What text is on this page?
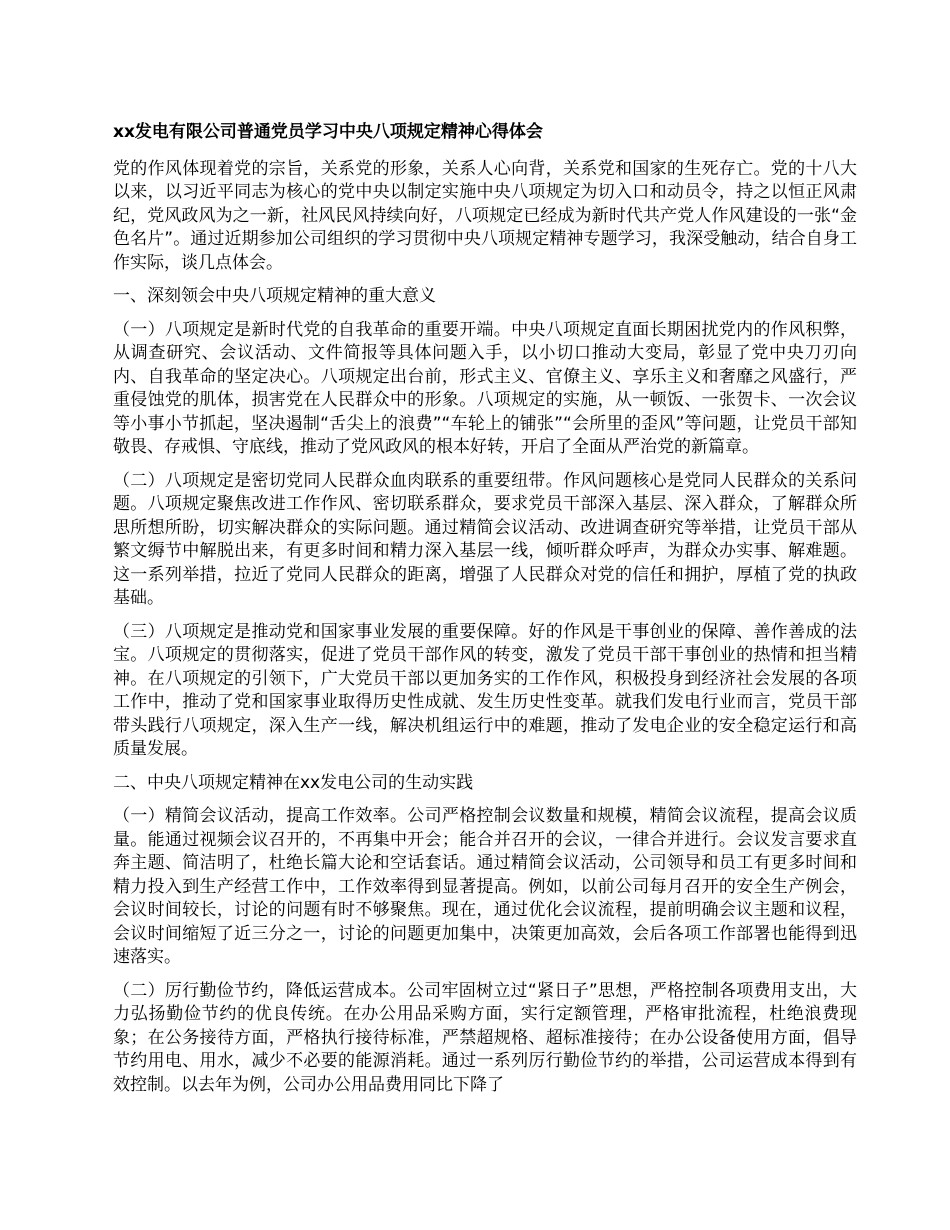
xx发电有限公司普通党员学习中央八项规定精神心得体会

党的作风体现着党的宗旨，关系党的形象，关系人心向背，关系党和国家的生死存亡。党的十八大以来，以习近平同志为核心的党中央以制定实施中央八项规定为切入口和动员令，持之以恒正风肃纪，党风政风为之一新，社风民风持续向好，八项规定已经成为新时代共产党人作风建设的一张“金色名片”。通过近期参加公司组织的学习贯彻中央八项规定精神专题学习，我深受触动，结合自身工作实际，谈几点体会。

一、深刻领会中央八项规定精神的重大意义

（一）八项规定是新时代党的自我革命的重要开端。中央八项规定直面长期困扰党内的作风积弊，从调查研究、会议活动、文件简报等具体问题入手，以小切口推动大变局，彰显了党中央刀刃向内、自我革命的坚定决心。八项规定出台前，形式主义、官僚主义、享乐主义和奢靡之风盛行，严重侵蚀党的肌体，损害党在人民群众中的形象。八项规定的实施，从一顿饭、一张贺卡、一次会议等小事小节抓起，坚决遏制“舌尖上的浪费”“车轮上的铺张”“会所里的歪风”等问题，让党员干部知敬畏、存戒惧、守底线，推动了党风政风的根本好转，开启了全面从严治党的新篇章。

（二）八项规定是密切党同人民群众血肉联系的重要纽带。作风问题核心是党同人民群众的关系问题。八项规定聚焦改进工作作风、密切联系群众，要求党员干部深入基层、深入群众，了解群众所思所想所盼，切实解决群众的实际问题。通过精简会议活动、改进调查研究等举措，让党员干部从繁文缛节中解脱出来，有更多时间和精力深入基层一线，倾听群众呼声，为群众办实事、解难题。这一系列举措，拉近了党同人民群众的距离，增强了人民群众对党的信任和拥护，厚植了党的执政基础。

（三）八项规定是推动党和国家事业发展的重要保障。好的作风是干事创业的保障、善作善成的法宝。八项规定的贯彻落实，促进了党员干部作风的转变，激发了党员干部干事创业的热情和担当精神。在八项规定的引领下，广大党员干部以更加务实的工作作风，积极投身到经济社会发展的各项工作中，推动了党和国家事业取得历史性成就、发生历史性变革。就我们发电行业而言，党员干部带头践行八项规定，深入生产一线，解决机组运行中的难题，推动了发电企业的安全稳定运行和高质量发展。

二、中央八项规定精神在xx发电公司的生动实践

（一）精简会议活动，提高工作效率。公司严格控制会议数量和规模，精简会议流程，提高会议质量。能通过视频会议召开的，不再集中开会；能合并召开的会议，一律合并进行。会议发言要求直奔主题、简洁明了，杜绝长篇大论和空话套话。通过精简会议活动，公司领导和员工有更多时间和精力投入到生产经营工作中，工作效率得到显著提高。例如，以前公司每月召开的安全生产例会，会议时间较长，讨论的问题有时不够聚焦。现在，通过优化会议流程，提前明确会议主题和议程，会议时间缩短了近三分之一，讨论的问题更加集中，决策更加高效，会后各项工作部署也能得到迅速落实。

（二）厉行勤俭节约，降低运营成本。公司牢固树立过“紧日子”思想，严格控制各项费用支出，大力弘扬勤俭节约的优良传统。在办公用品采购方面，实行定额管理，严格审批流程，杜绝浪费现象；在公务接待方面，严格执行接待标准，严禁超规格、超标准接待；在办公设备使用方面，倡导节约用电、用水，减少不必要的能源消耗。通过一系列厉行勤俭节约的举措，公司运营成本得到有效控制。以去年为例，公司办公用品费用同比下降了
